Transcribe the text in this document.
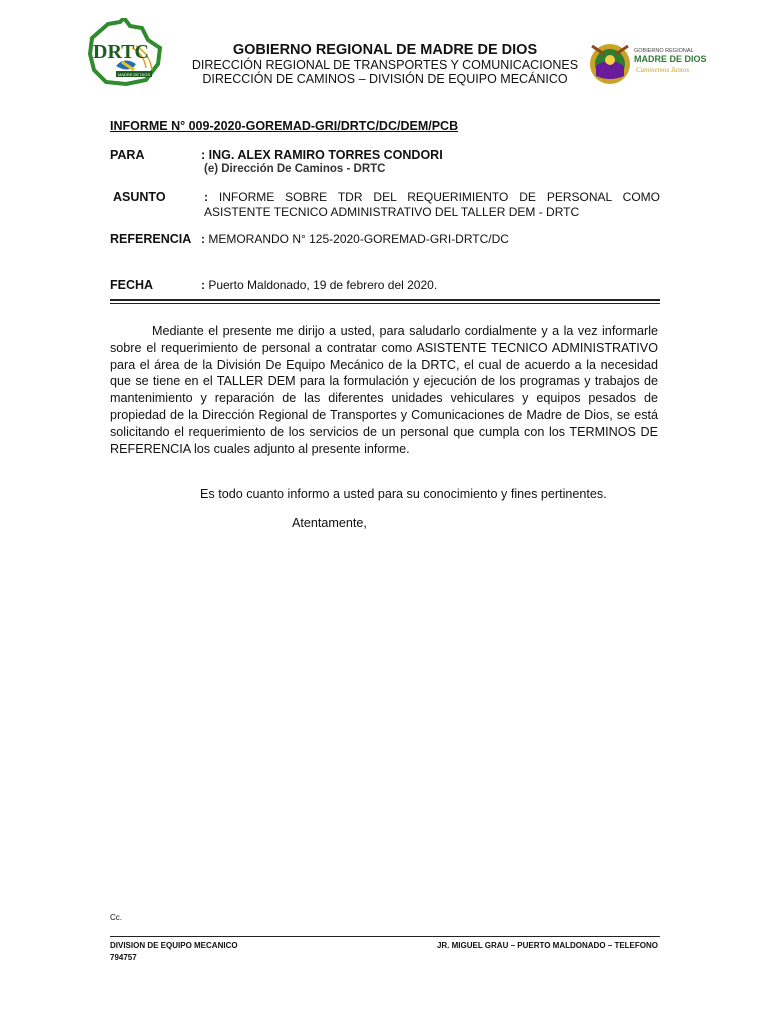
DRTC
MADRE DE DIOS
GOBIERNO REGIONAL DE MADRE DE DIOS
DIRECCIÓN REGIONAL DE TRANSPORTES Y COMUNICACIONES
DIRECCIÓN DE CAMINOS – DIVISIÓN DE EQUIPO MECÁNICO
GOBIERNO REGIONAL
MADRE DE DIOS
Caminemos Juntos
INFORME N° 009-2020-GOREMAD-GRI/DRTC/DC/DEM/PCB
PARA	: ING. ALEX RAMIRO TORRES CONDORI
(e) Dirección De Caminos - DRTC
ASUNTO	: INFORME SOBRE TDR DEL REQUERIMIENTO DE PERSONAL COMO
ASISTENTE TECNICO ADMINISTRATIVO DEL TALLER DEM - DRTC
REFERENCIA : MEMORANDO N° 125-2020-GOREMAD-GRI-DRTC/DC
FECHA	: Puerto Maldonado, 19 de febrero del 2020.
Mediante el presente me dirijo a usted, para saludarlo cordialmente y a la vez informarle sobre el requerimiento de personal a contratar como ASISTENTE TECNICO ADMINISTRATIVO para el área de la División De Equipo Mecánico de la DRTC, el cual de acuerdo a la necesidad que se tiene en el TALLER DEM para la formulación y ejecución de los programas y trabajos de mantenimiento y reparación de las diferentes unidades vehiculares y equipos pesados de propiedad de la Dirección Regional de Transportes y Comunicaciones de Madre de Dios, se está solicitando el requerimiento de los servicios de un personal que cumpla con los TERMINOS DE REFERENCIA los cuales adjunto al presente informe.
Es todo cuanto informo a usted para su conocimiento y fines pertinentes.
Atentamente,
Cc.
DIVISION DE EQUIPO MECANICO
794757
JR. MIGUEL GRAU – PUERTO MALDONADO – TELEFONO
